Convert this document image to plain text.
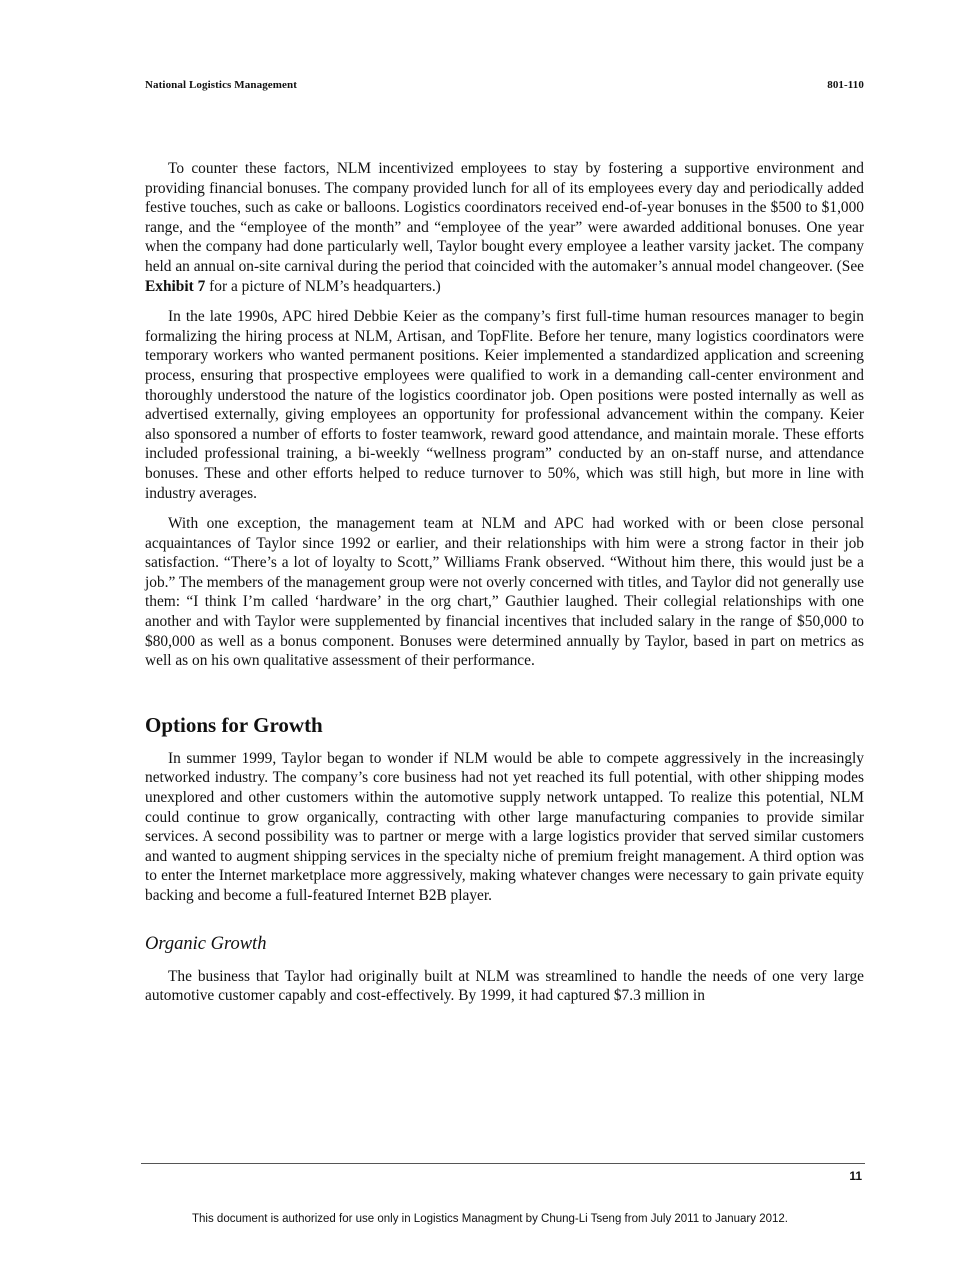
National Logistics Management	801-110

To counter these factors, NLM incentivized employees to stay by fostering a supportive environment and providing financial bonuses. The company provided lunch for all of its employees every day and periodically added festive touches, such as cake or balloons. Logistics coordinators received end-of-year bonuses in the $500 to $1,000 range, and the “employee of the month” and “employee of the year” were awarded additional bonuses. One year when the company had done particularly well, Taylor bought every employee a leather varsity jacket. The company held an annual on-site carnival during the period that coincided with the automaker’s annual model changeover. (See Exhibit 7 for a picture of NLM’s headquarters.)

In the late 1990s, APC hired Debbie Keier as the company’s first full-time human resources manager to begin formalizing the hiring process at NLM, Artisan, and TopFlite. Before her tenure, many logistics coordinators were temporary workers who wanted permanent positions. Keier implemented a standardized application and screening process, ensuring that prospective employees were qualified to work in a demanding call-center environment and thoroughly understood the nature of the logistics coordinator job. Open positions were posted internally as well as advertised externally, giving employees an opportunity for professional advancement within the company. Keier also sponsored a number of efforts to foster teamwork, reward good attendance, and maintain morale. These efforts included professional training, a bi-weekly “wellness program” conducted by an on-staff nurse, and attendance bonuses. These and other efforts helped to reduce turnover to 50%, which was still high, but more in line with industry averages.

With one exception, the management team at NLM and APC had worked with or been close personal acquaintances of Taylor since 1992 or earlier, and their relationships with him were a strong factor in their job satisfaction. “There’s a lot of loyalty to Scott,” Williams Frank observed. “Without him there, this would just be a job.” The members of the management group were not overly concerned with titles, and Taylor did not generally use them: “I think I’m called ‘hardware’ in the org chart,” Gauthier laughed. Their collegial relationships with one another and with Taylor were supplemented by financial incentives that included salary in the range of $50,000 to $80,000 as well as a bonus component. Bonuses were determined annually by Taylor, based in part on metrics as well as on his own qualitative assessment of their performance.

Options for Growth

In summer 1999, Taylor began to wonder if NLM would be able to compete aggressively in the increasingly networked industry. The company’s core business had not yet reached its full potential, with other shipping modes unexplored and other customers within the automotive supply network untapped. To realize this potential, NLM could continue to grow organically, contracting with other large manufacturing companies to provide similar services. A second possibility was to partner or merge with a large logistics provider that served similar customers and wanted to augment shipping services in the specialty niche of premium freight management. A third option was to enter the Internet marketplace more aggressively, making whatever changes were necessary to gain private equity backing and become a full-featured Internet B2B player.

Organic Growth

The business that Taylor had originally built at NLM was streamlined to handle the needs of one very large automotive customer capably and cost-effectively. By 1999, it had captured $7.3 million in

11
This document is authorized for use only in Logistics Managment by Chung-Li Tseng from July 2011 to January 2012.
